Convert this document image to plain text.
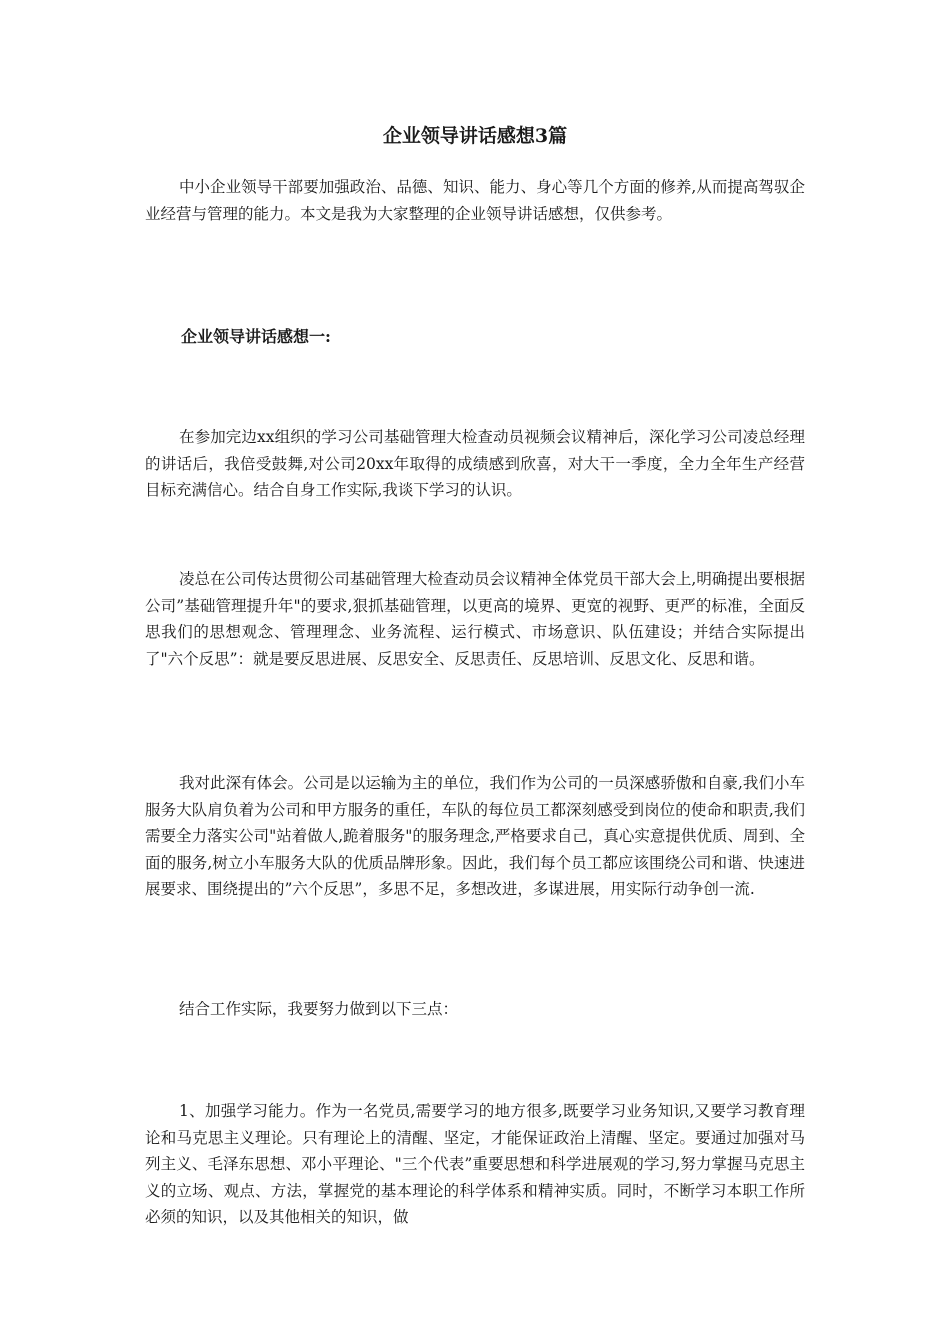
企业领导讲话感想3篇

中小企业领导干部要加强政治、品德、知识、能力、身心等几个方面的修养,从而提高驾驭企业经营与管理的能力。本文是我为大家整理的企业领导讲话感想，仅供参考。

企业领导讲话感想一:

在参加完边xx组织的学习公司基础管理大检查动员视频会议精神后，深化学习公司凌总经理的讲话后，我倍受鼓舞,对公司20xx年取得的成绩感到欣喜，对大干一季度，全力全年生产经营目标充满信心。结合自身工作实际,我谈下学习的认识。

凌总在公司传达贯彻公司基础管理大检查动员会议精神全体党员干部大会上,明确提出要根据公司”基础管理提升年"的要求,狠抓基础管理，以更高的境界、更宽的视野、更严的标准，全面反思我们的思想观念、管理理念、业务流程、运行模式、市场意识、队伍建设；并结合实际提出了"六个反思”：就是要反思进展、反思安全、反思责任、反思培训、反思文化、反思和谐。

我对此深有体会。公司是以运输为主的单位，我们作为公司的一员深感骄傲和自豪,我们小车服务大队肩负着为公司和甲方服务的重任，车队的每位员工都深刻感受到岗位的使命和职责,我们需要全力落实公司"站着做人,跪着服务"的服务理念,严格要求自己，真心实意提供优质、周到、全面的服务,树立小车服务大队的优质品牌形象。因此，我们每个员工都应该围绕公司和谐、快速进展要求、围绕提出的”六个反思”，多思不足，多想改进，多谋进展，用实际行动争创一流.

结合工作实际，我要努力做到以下三点：

1、加强学习能力。作为一名党员,需要学习的地方很多,既要学习业务知识,又要学习教育理论和马克思主义理论。只有理论上的清醒、坚定，才能保证政治上清醒、坚定。要通过加强对马列主义、毛泽东思想、邓小平理论、"三个代表”重要思想和科学进展观的学习,努力掌握马克思主义的立场、观点、方法，掌握党的基本理论的科学体系和精神实质。同时，不断学习本职工作所必须的知识，以及其他相关的知识，做
